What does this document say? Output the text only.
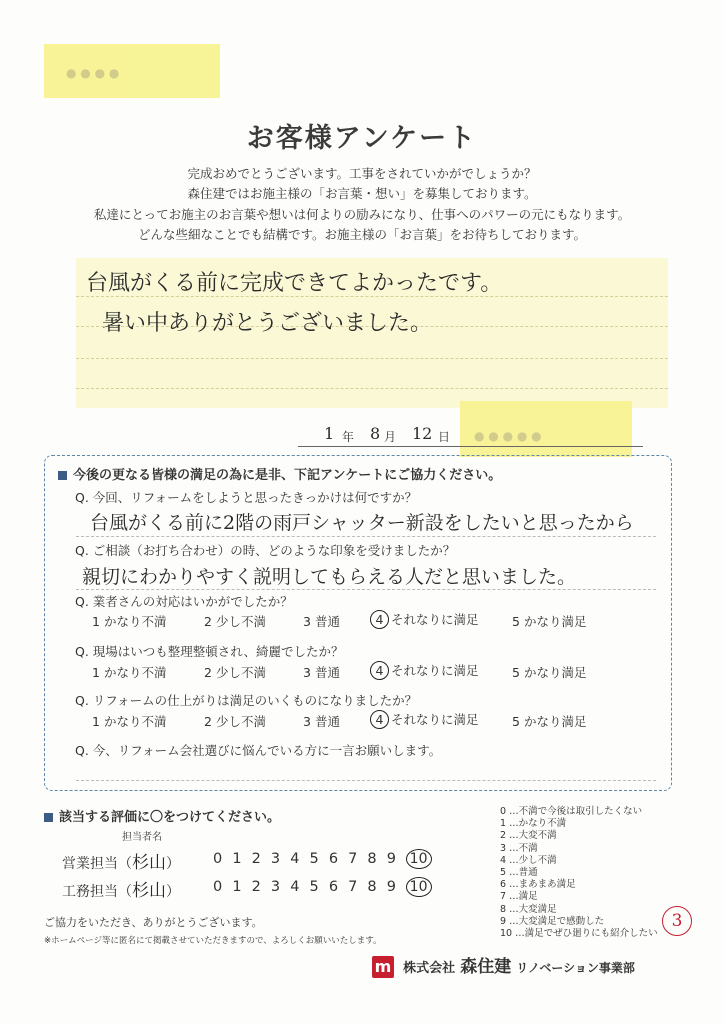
● ● ● ●
お客様アンケート
完成おめでとうございます。工事をされていかがでしょうか？
森住建ではお施主様の「お言葉・想い」を募集しております。
私達にとってお施主のお言葉や想いは何よりの励みになり、仕事へのパワーの元にもなります。
どんな些細なことでも結構です。お施主様の「お言葉」をお待ちしております。
台風がくる前に完成できてよかったです。
暑い中ありがとうございました。
● ● ● ● ●
1 年 8 月 12 日
今後の更なる皆様の満足の為に是非、下記アンケートにご協力ください。
Q. 今回、リフォームをしようと思ったきっかけは何ですか？
台風がくる前に2階の雨戸シャッター新設をしたいと思ったから
Q. ご相談（お打ち合わせ）の時、どのような印象を受けましたか？
親切にわかりやすく説明してもらえる人だと思いました。
Q. 業者さんの対応はいかがでしたか？
1 かなり不満	2 少し不満	3 普通	4 それなりに満足	5 かなり満足
Q. 現場はいつも整理整頓され、綺麗でしたか？
1 かなり不満	2 少し不満	3 普通	4 それなりに満足	5 かなり満足
Q. リフォームの仕上がりは満足のいくものになりましたか？
1 かなり不満	2 少し不満	3 普通	4 それなりに満足	5 かなり満足
Q. 今、リフォーム会社選びに悩んでいる方に一言お願いします。
該当する評価に〇をつけてください。
担当者名
営業担当（杉山）	0 1 2 3 4 5 6 7 8 9 10
工務担当（杉山）	0 1 2 3 4 5 6 7 8 9 10
0 …不満で今後は取引したくない
1 …かなり不満
2 …大変不満
3 …不満
4 …少し不満
5 …普通
6 …まあまあ満足
7 …満足
8 …大変満足
9 …大変満足で感動した
10 …満足でぜひ廻りにも紹介したい
3
ご協力をいただき、ありがとうございます。
※ホームページ等に匿名にて掲載させていただきますので、よろしくお願いいたします。
m 株式会社 森住建 リノベーション事業部
